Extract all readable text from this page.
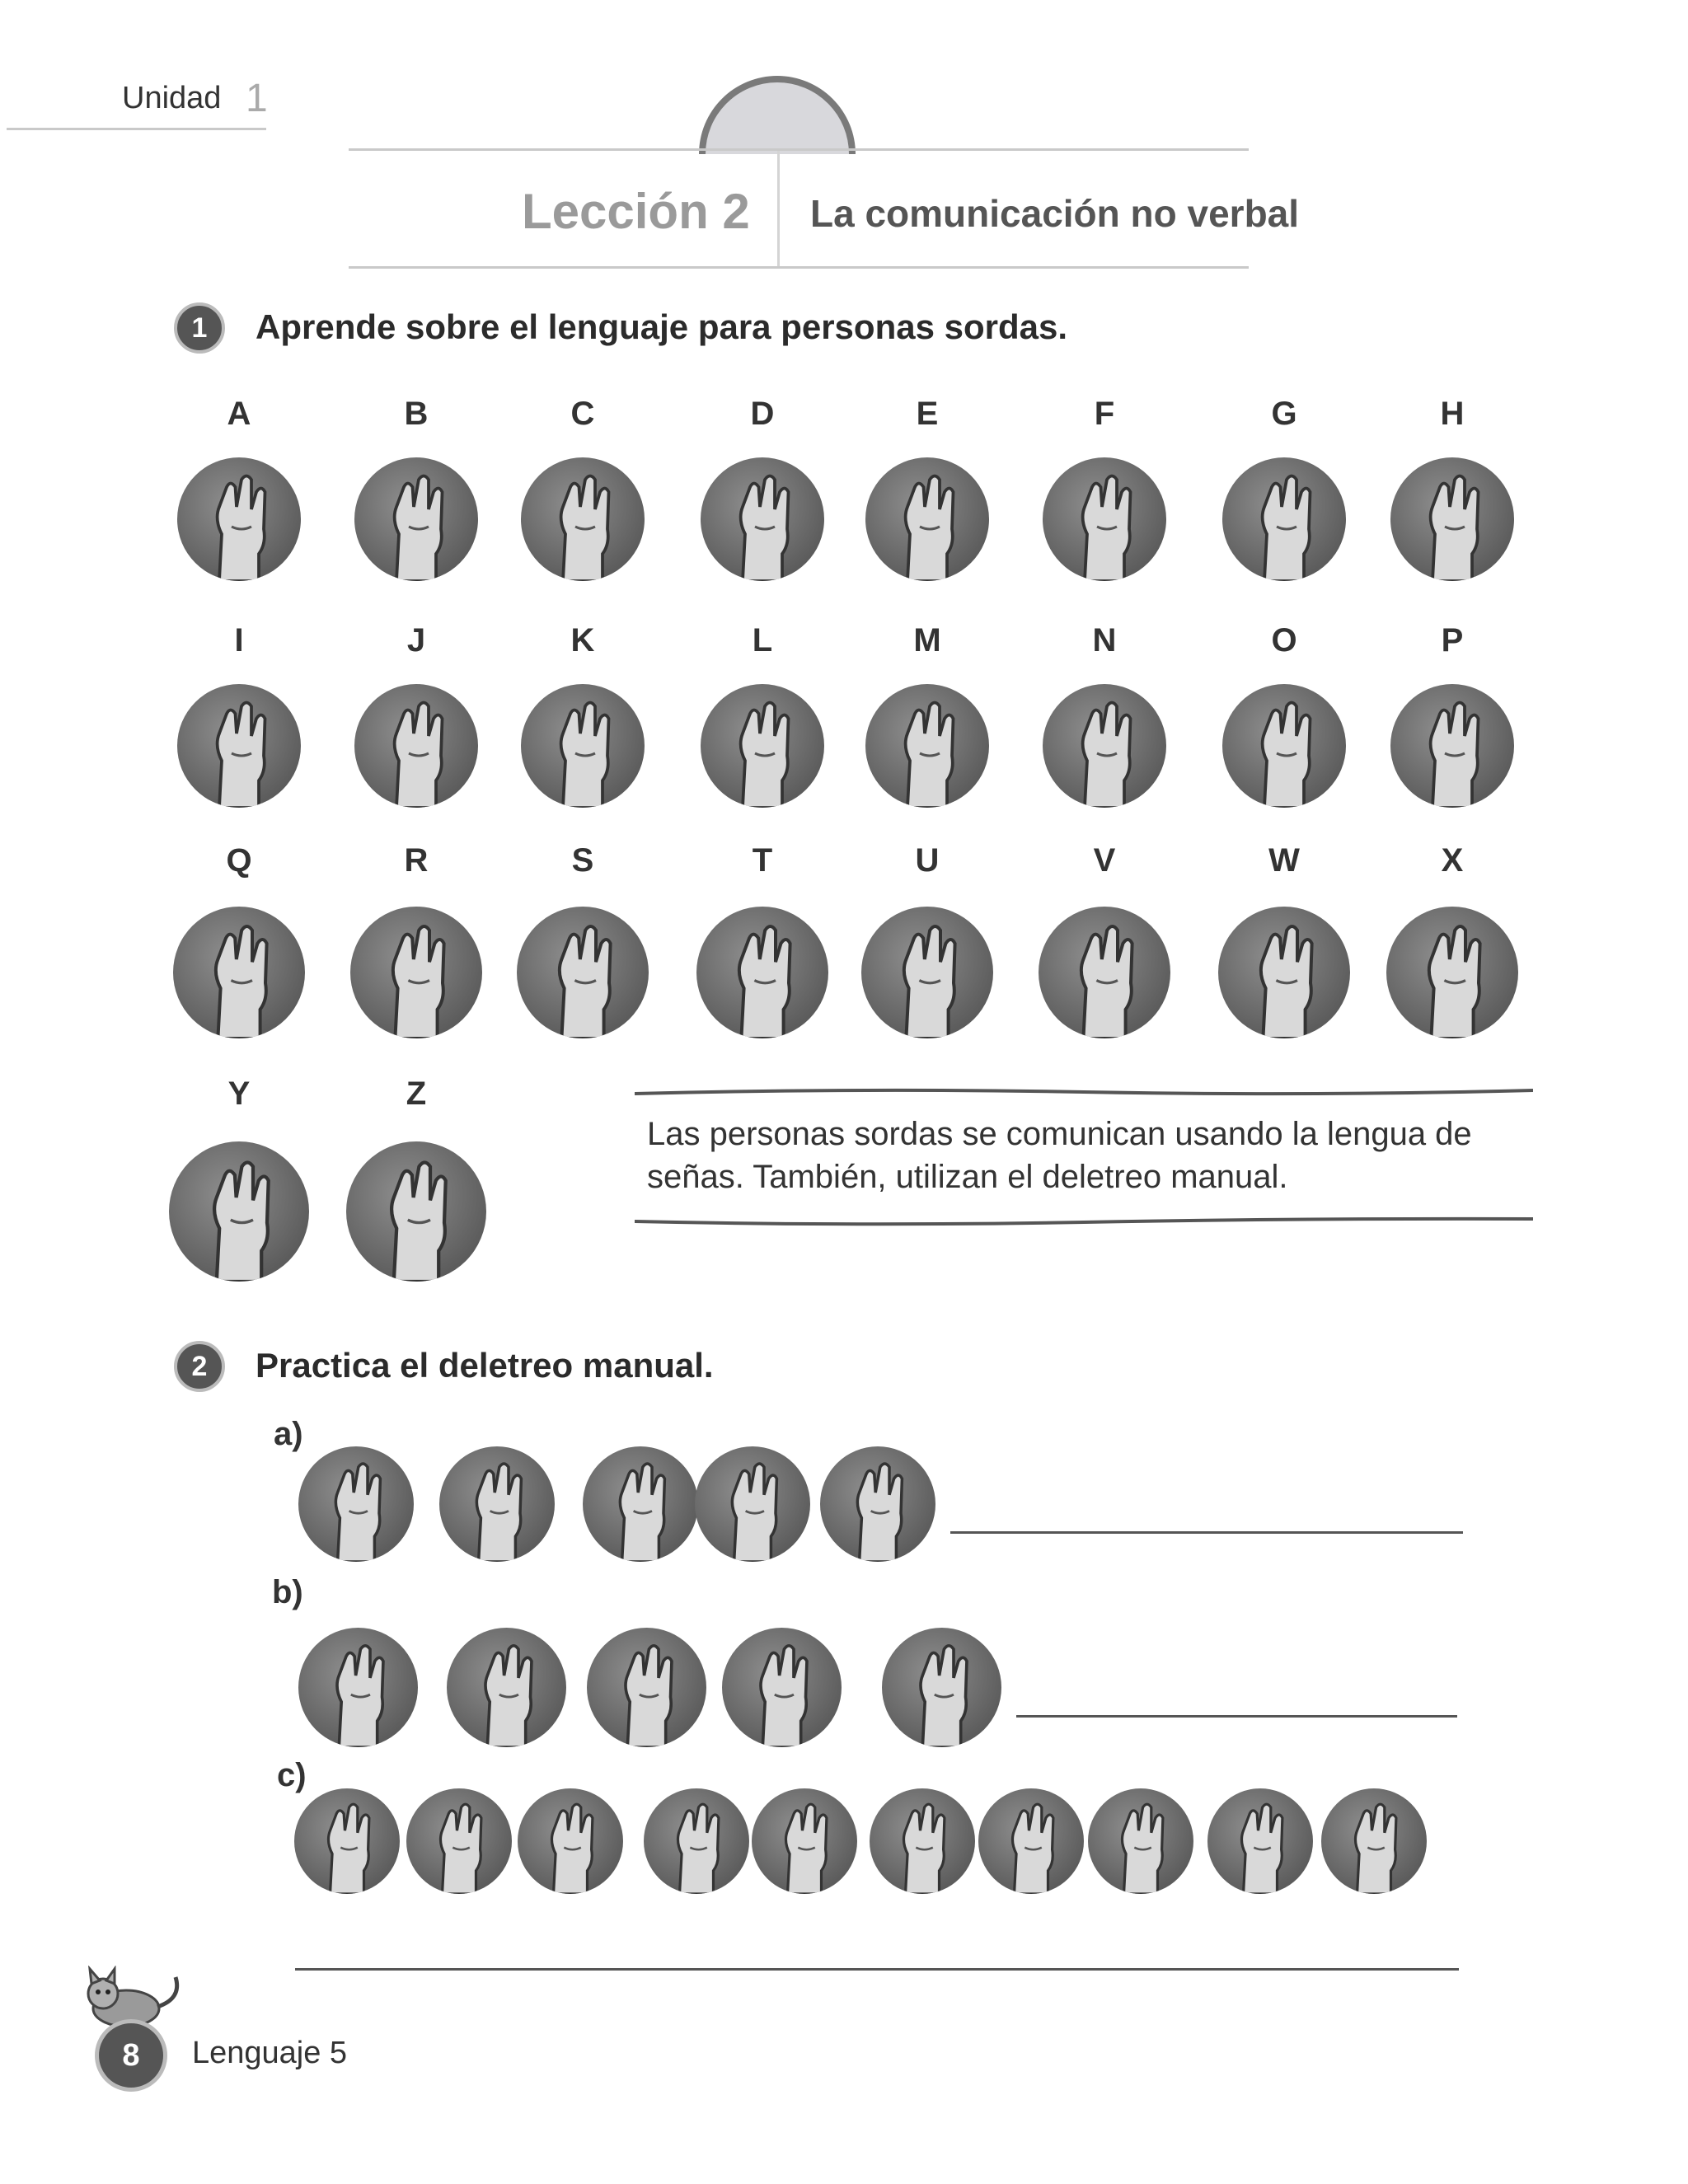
Unidad 1
Lección 2 La comunicación no verbal
1	Aprende sobre el lenguaje para personas sordas.
A	B	C	D	E	F	G	H
I	J	K	L	M	N	O	P
Q	R	S	T	U	V	W	X
Y	Z
Las personas sordas se comunican usando la lengua de señas. También, utilizan el deletreo manual.
2	Practica el deletreo manual.
a)
b)
c)
8	Lenguaje 5
